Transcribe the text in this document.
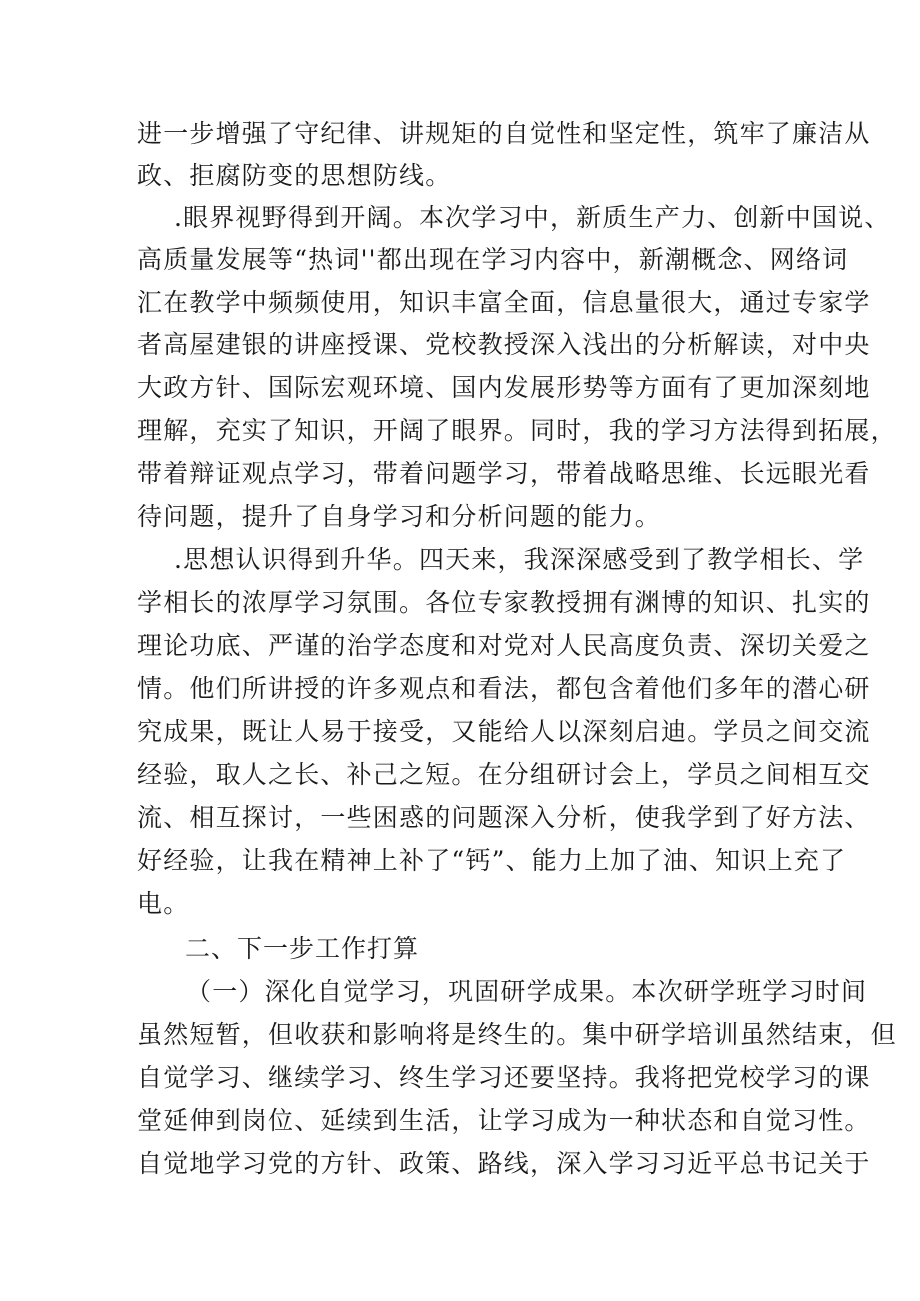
进一步增强了守纪律、讲规矩的自觉性和坚定性，筑牢了廉洁从
政、拒腐防变的思想防线。
.眼界视野得到开阔。本次学习中，新质生产力、创新中国说、
高质量发展等“热词''都出现在学习内容中，新潮概念、网络词
汇在教学中频频使用，知识丰富全面，信息量很大，通过专家学
者高屋建银的讲座授课、党校教授深入浅出的分析解读，对中央
大政方针、国际宏观环境、国内发展形势等方面有了更加深刻地
理解，充实了知识，开阔了眼界。同时，我的学习方法得到拓展，
带着辩证观点学习，带着问题学习，带着战略思维、长远眼光看
待问题，提升了自身学习和分析问题的能力。
.思想认识得到升华。四天来，我深深感受到了教学相长、学
学相长的浓厚学习氛围。各位专家教授拥有渊博的知识、扎实的
理论功底、严谨的治学态度和对党对人民高度负责、深切关爱之
情。他们所讲授的许多观点和看法，都包含着他们多年的潜心研
究成果，既让人易于接受，又能给人以深刻启迪。学员之间交流
经验，取人之长、补己之短。在分组研讨会上，学员之间相互交
流、相互探讨，一些困惑的问题深入分析，使我学到了好方法、
好经验，让我在精神上补了“钙”、能力上加了油、知识上充了
电。
二、下一步工作打算
（一）深化自觉学习，巩固研学成果。本次研学班学习时间
虽然短暂，但收获和影响将是终生的。集中研学培训虽然结束，但
自觉学习、继续学习、终生学习还要坚持。我将把党校学习的课
堂延伸到岗位、延续到生活，让学习成为一种状态和自觉习性。
自觉地学习党的方针、政策、路线，深入学习习近平总书记关于
